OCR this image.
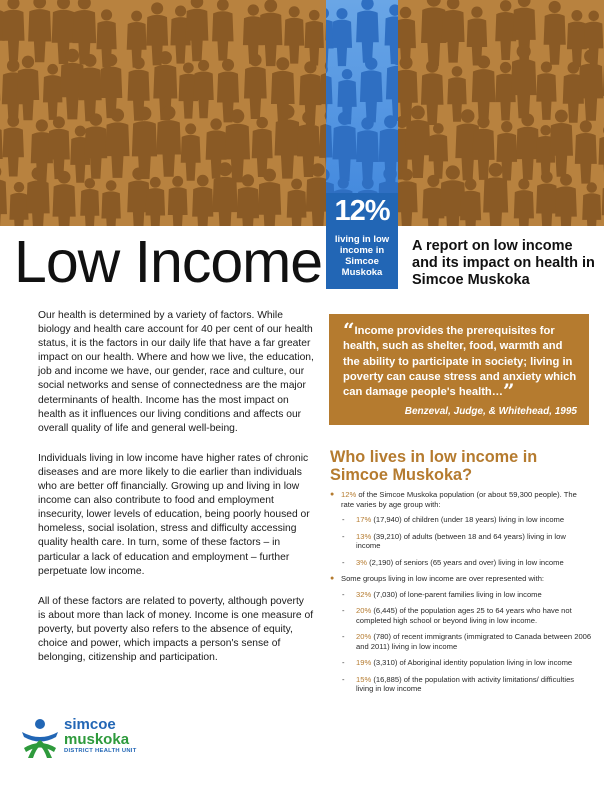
12%
living in low income in Simcoe Muskoka
Low Income	A report on low income and its impact on health in Simcoe Muskoka

Our health is determined by a variety of factors. While biology and health care account for 40 per cent of our health status, it is the factors in our daily life that have a far greater impact on our health. Where and how we live, the education, job and income we have, our gender, race and culture, our social networks and sense of connectedness are the major determinants of health. Income has the most impact on health as it influences our living conditions and affects our overall quality of life and general well-being.

Individuals living in low income have higher rates of chronic diseases and are more likely to die earlier than individuals who are better off financially. Growing up and living in low income can also contribute to food and employment insecurity, lower levels of education, being poorly housed or homeless, social isolation, stress and difficulty accessing quality health care. In turn, some of these factors – in particular a lack of education and employment – further perpetuate low income.

All of these factors are related to poverty, although poverty is about more than lack of money. Income is one measure of poverty, but poverty also refers to the absence of equity, choice and power, which impacts a person's sense of belonging, citizenship and participation.

“Income provides the prerequisites for health, such as shelter, food, warmth and the ability to participate in society; living in poverty can cause stress and anxiety which can damage people's health…”
Benzeval, Judge, & Whitehead, 1995
Who lives in low income in Simcoe Muskoka?
● 12% of the Simcoe Muskoka population (or about 59,300 people). The rate varies by age group with:
- 17% (17,940) of children (under 18 years) living in low income
- 13% (39,210) of adults (between 18 and 64 years) living in low income
- 3% (2,190) of seniors (65 years and over) living in low income
● Some groups living in low income are over represented with:
- 32% (7,030) of lone-parent families living in low income
- 20% (6,445) of the population ages 25 to 64 years who have not completed high school or beyond living in low income.
- 20% (780) of recent immigrants (immigrated to Canada between 2006 and 2011) living in low income
- 19% (3,310) of Aboriginal identity population living in low income
- 15% (16,885) of the population with activity limitations/ difficulties living in low income
simcoe
muskoka
DISTRICT HEALTH UNIT
